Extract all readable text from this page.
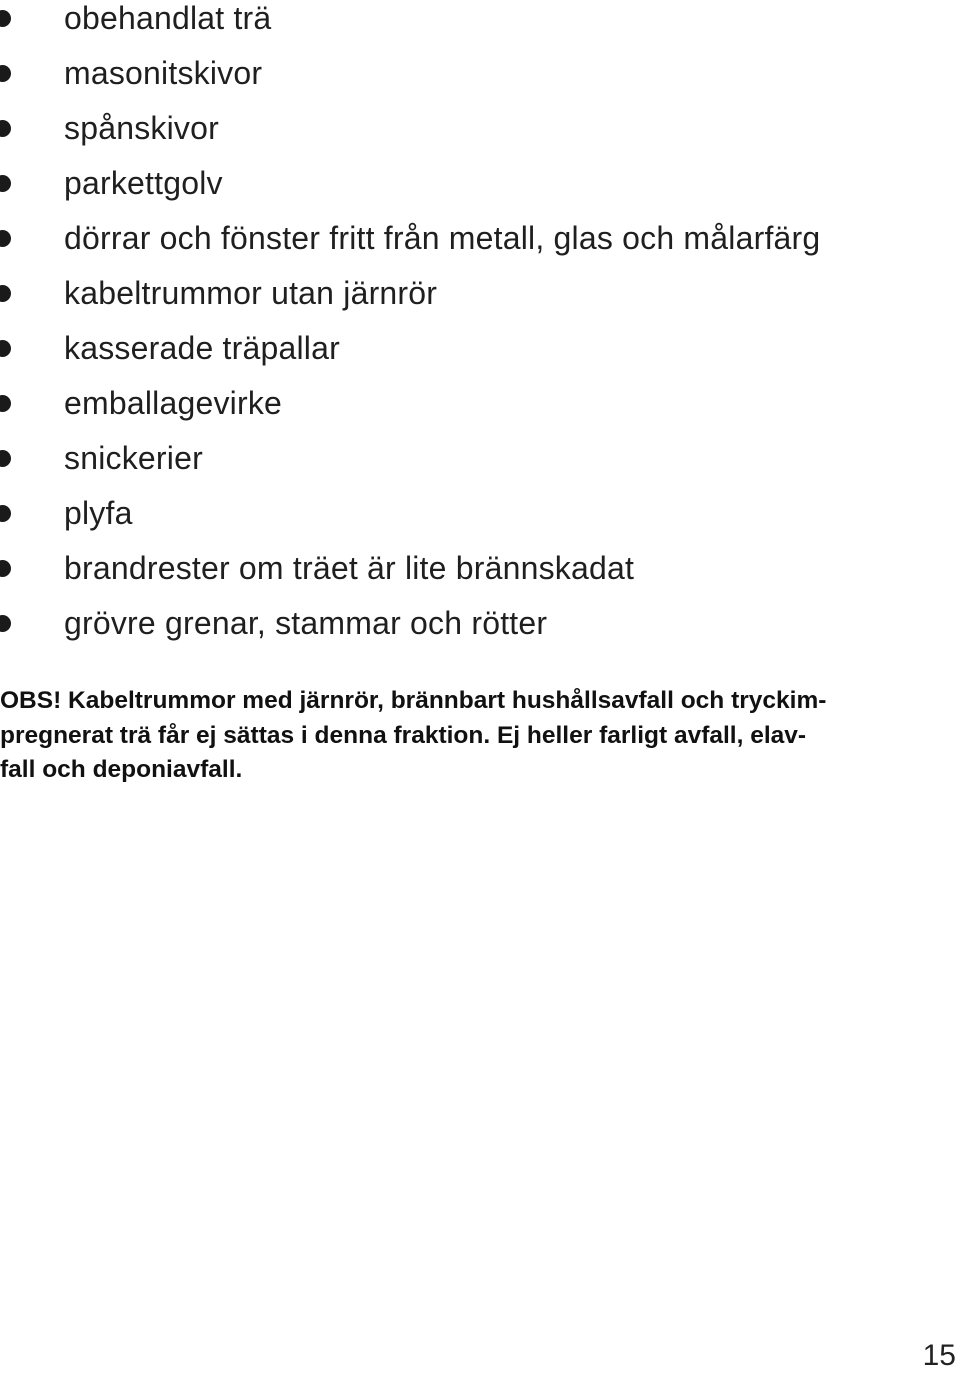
obehandlat trä
masonitskivor
spånskivor
parkettgolv
dörrar och fönster fritt från metall, glas och målarfärg
kabeltrummor utan järnrör
kasserade träpallar
emballagevirke
snickerier
plyfa
brandrester om träet är lite brännskadat
grövre grenar, stammar och rötter

OBS! Kabeltrummor med järnrör, brännbart hushållsavfall och tryckim-
pregnerat trä får ej sättas i denna fraktion. Ej heller farligt avfall, elav-
fall och deponiavfall.

15
